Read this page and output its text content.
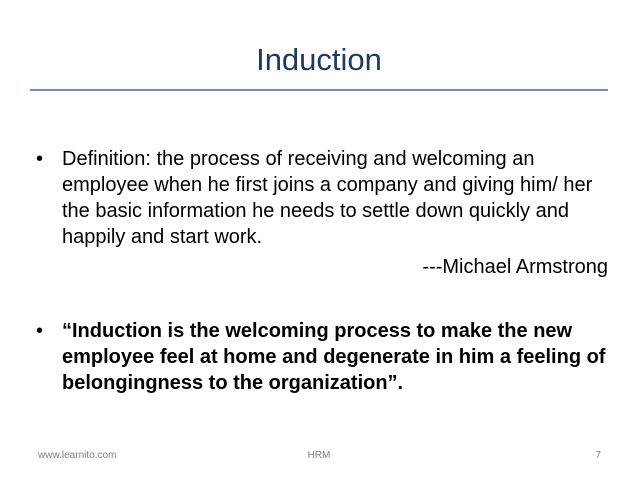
Induction
• Definition: the process of receiving and welcoming an employee when he first joins a company and giving him/ her the basic information he needs to settle down quickly and happily and start work.
---Michael Armstrong
• “Induction is the welcoming process to make the new employee feel at home and degenerate in him a feeling of belongingness to the organization”.
www.learnito.com	HRM	7
